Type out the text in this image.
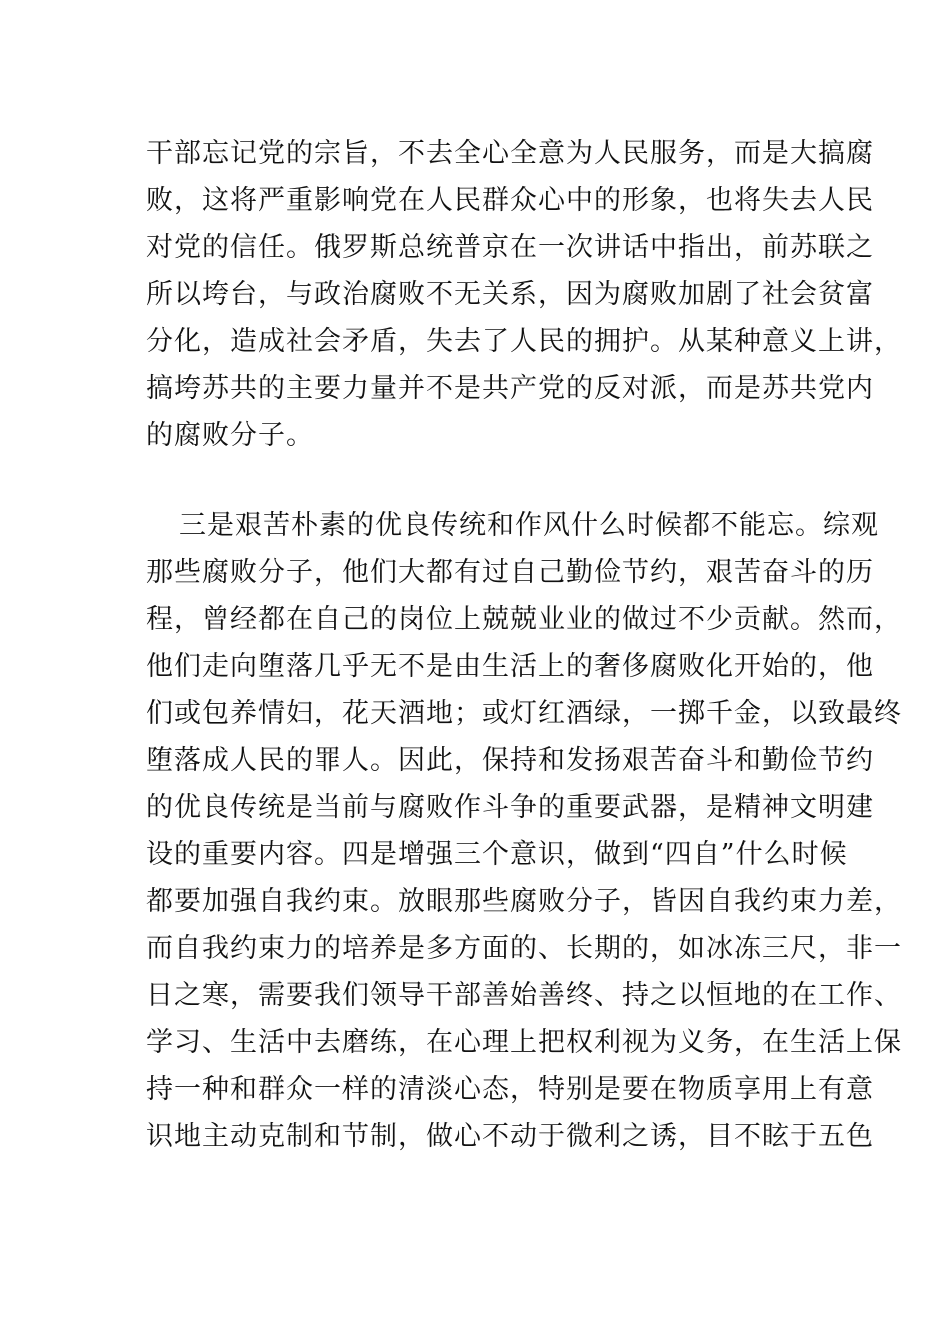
干部忘记党的宗旨，不去全心全意为人民服务，而是大搞腐
败，这将严重影响党在人民群众心中的形象，也将失去人民
对党的信任。俄罗斯总统普京在一次讲话中指出，前苏联之
所以垮台，与政治腐败不无关系，因为腐败加剧了社会贫富
分化，造成社会矛盾，失去了人民的拥护。从某种意义上讲，
搞垮苏共的主要力量并不是共产党的反对派，而是苏共党内
的腐败分子。
三是艰苦朴素的优良传统和作风什么时候都不能忘。综观
那些腐败分子，他们大都有过自己勤俭节约，艰苦奋斗的历
程，曾经都在自己的岗位上兢兢业业的做过不少贡献。然而，
他们走向堕落几乎无不是由生活上的奢侈腐败化开始的，他
们或包养情妇，花天酒地；或灯红酒绿，一掷千金，以致最终
堕落成人民的罪人。因此，保持和发扬艰苦奋斗和勤俭节约
的优良传统是当前与腐败作斗争的重要武器，是精神文明建
设的重要内容。四是增强三个意识，做到“四自”什么时候
都要加强自我约束。放眼那些腐败分子，皆因自我约束力差，
而自我约束力的培养是多方面的、长期的，如冰冻三尺，非一
日之寒，需要我们领导干部善始善终、持之以恒地的在工作、
学习、生活中去磨练，在心理上把权利视为义务，在生活上保
持一种和群众一样的清淡心态，特别是要在物质享用上有意
识地主动克制和节制，做心不动于微利之诱，目不眩于五色
